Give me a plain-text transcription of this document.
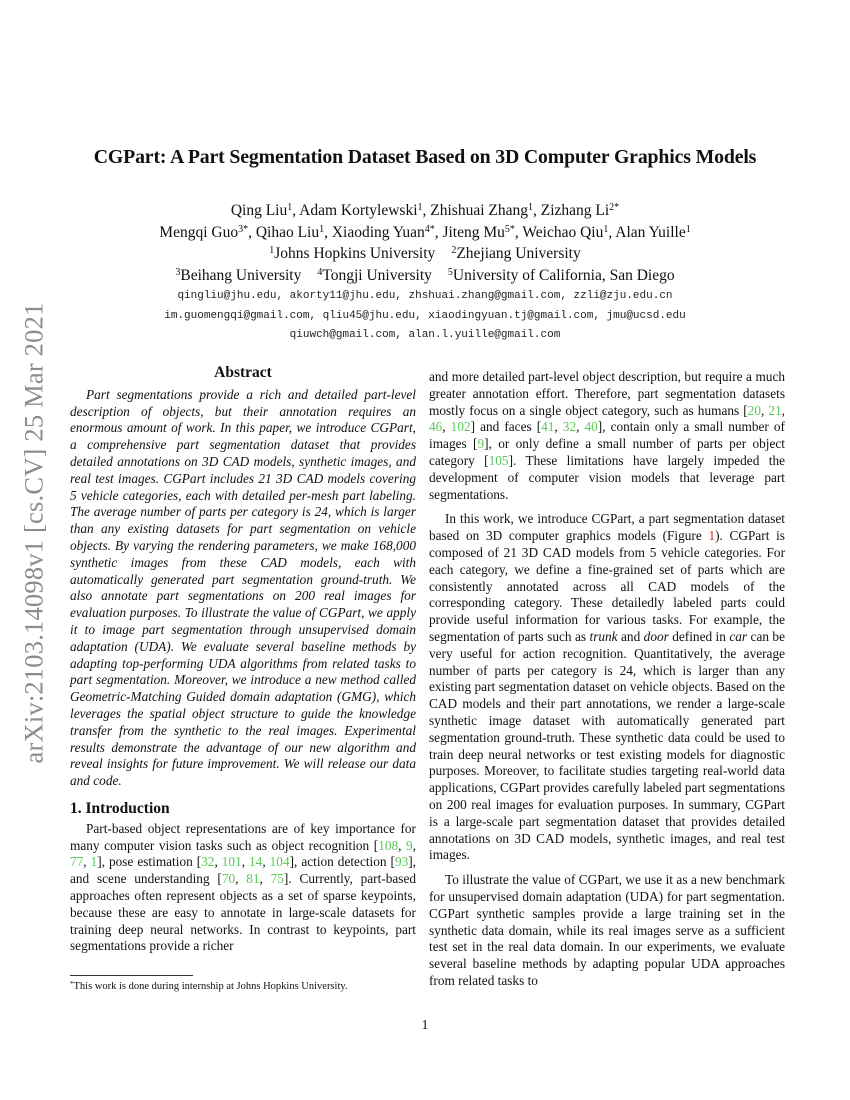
arXiv:2103.14098v1 [cs.CV] 25 Mar 2021
CGPart: A Part Segmentation Dataset Based on 3D Computer Graphics Models
Qing Liu$^1$, Adam Kortylewski$^1$, Zhishuai Zhang$^1$, Zizhang $Li^{2*}$
Mengqi Guo$^{3*}$, Qihao Liu$^1$, Xiaoding Yuan$^{4*}$, Jiteng $Mu^{5*}$, Weichao Qiu$^1$, Alan Yuille$^1$
$^1$Johns Hopkins University $^2$Zhejiang University
$^3$Beihang University $^4$Tongji University $^5$University of California, San Diego
qingliu@jhu.edu, akorty11@jhu.edu, zhshuai.zhang@gmail.com, zzli@zju.edu.cn
im.guomengqi@gmail.com, qliu45@jhu.edu, xiaodingyuan.tj@gmail.com, jmu@ucsd.edu
qiuwch@gmail.com, alan.l.yuille@gmail.com
Abstract

Part segmentations provide a rich and detailed part-level description of objects, but their annotation requires an enormous amount of work. In this paper, we introduce CGPart, a comprehensive part segmentation dataset that provides detailed annotations on 3D CAD models, synthetic images, and real test images. CGPart includes 21 3D CAD models covering 5 vehicle categories, each with detailed per-mesh part labeling. The average number of parts per category is 24, which is larger than any existing datasets for part segmentation on vehicle objects. By varying the rendering parameters, we make 168,000 synthetic images from these CAD models, each with automatically generated part segmentation ground-truth. We also annotate part segmentations on 200 real images for evaluation purposes. To illustrate the value of CGPart, we apply it to image part segmentation through unsupervised domain adaptation (UDA). We evaluate several baseline methods by adapting top-performing UDA algorithms from related tasks to part segmentation. Moreover, we introduce a new method called Geometric-Matching Guided domain adaptation (GMG), which leverages the spatial object structure to guide the knowledge transfer from the synthetic to the real images. Experimental results demonstrate the advantage of our new algorithm and reveal insights for future improvement. We will release our data and code.

1. Introduction

Part-based object representations are of key importance for many computer vision tasks such as object recognition [108, 9, 77, 1], pose estimation [32, 101, 14, 104], action detection [93], and scene understanding [70, 81, 75]. Currently, part-based approaches often represent objects as a set of sparse keypoints, because these are easy to annotate in large-scale datasets for training deep neural networks. In contrast to keypoints, part segmentations provide a richer

and more detailed part-level object description, but require a much greater annotation effort. Therefore, part segmentation datasets mostly focus on a single object category, such as humans [20, 21, 46, 102] and faces [41, 32, 40], contain only a small number of images [9], or only define a small number of parts per object category [105]. These limitations have largely impeded the development of computer vision models that leverage part segmentations.

In this work, we introduce CGPart, a part segmentation dataset based on 3D computer graphics models (Figure 1). CGPart is composed of 21 3D CAD models from 5 vehicle categories. For each category, we define a fine-grained set of parts which are consistently annotated across all CAD models of the corresponding category. These detailedly labeled parts could provide useful information for various tasks. For example, the segmentation of parts such as trunk and door defined in car can be very useful for action recognition. Quantitatively, the average number of parts per category is 24, which is larger than any existing part segmentation dataset on vehicle objects. Based on the CAD models and their part annotations, we render a large-scale synthetic image dataset with automatically generated part segmentation ground-truth. These synthetic data could be used to train deep neural networks or test existing models for diagnostic purposes. Moreover, to facilitate studies targeting real-world data applications, CGPart provides carefully labeled part segmentations on 200 real images for evaluation purposes. In summary, CGPart is a large-scale part segmentation dataset that provides detailed annotations on 3D CAD models, synthetic images, and real test images.

To illustrate the value of CGPart, we use it as a new benchmark for unsupervised domain adaptation (UDA) for part segmentation. CGPart synthetic samples provide a large training set in the synthetic data domain, while its real images serve as a sufficient test set in the real data domain. In our experiments, we evaluate several baseline methods by adapting popular UDA approaches from related tasks to

*This work is done during internship at Johns Hopkins University.
1
